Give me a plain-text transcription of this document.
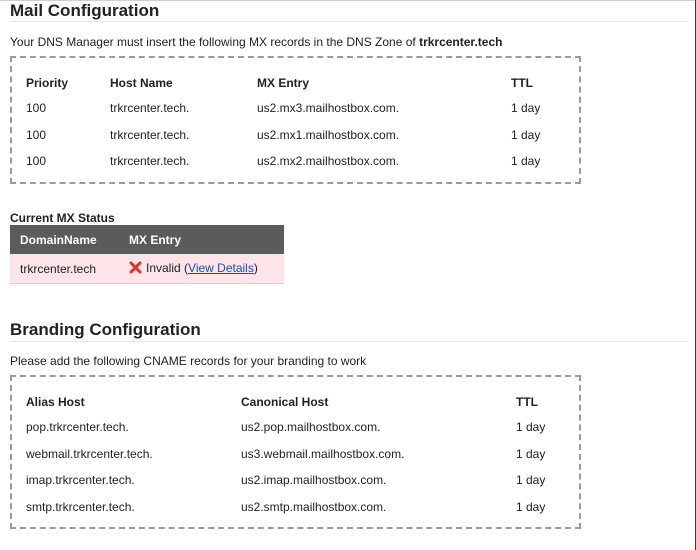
Mail Configuration
Your DNS Manager must insert the following MX records in the DNS Zone of trkrcenter.tech
Priority	Host Name	MX Entry	TTL
100	trkrcenter.tech.	us2.mx3.mailhostbox.com.	1 day
100	trkrcenter.tech.	us2.mx1.mailhostbox.com.	1 day
100	trkrcenter.tech.	us2.mx2.mailhostbox.com.	1 day
Current MX Status
DomainName	MX Entry
trkrcenter.tech	Invalid (View Details)
Branding Configuration
Please add the following CNAME records for your branding to work
Alias Host	Canonical Host	TTL
pop.trkrcenter.tech.	us2.pop.mailhostbox.com.	1 day
webmail.trkrcenter.tech.	us3.webmail.mailhostbox.com.	1 day
imap.trkrcenter.tech.	us2.imap.mailhostbox.com.	1 day
smtp.trkrcenter.tech.	us2.smtp.mailhostbox.com.	1 day
